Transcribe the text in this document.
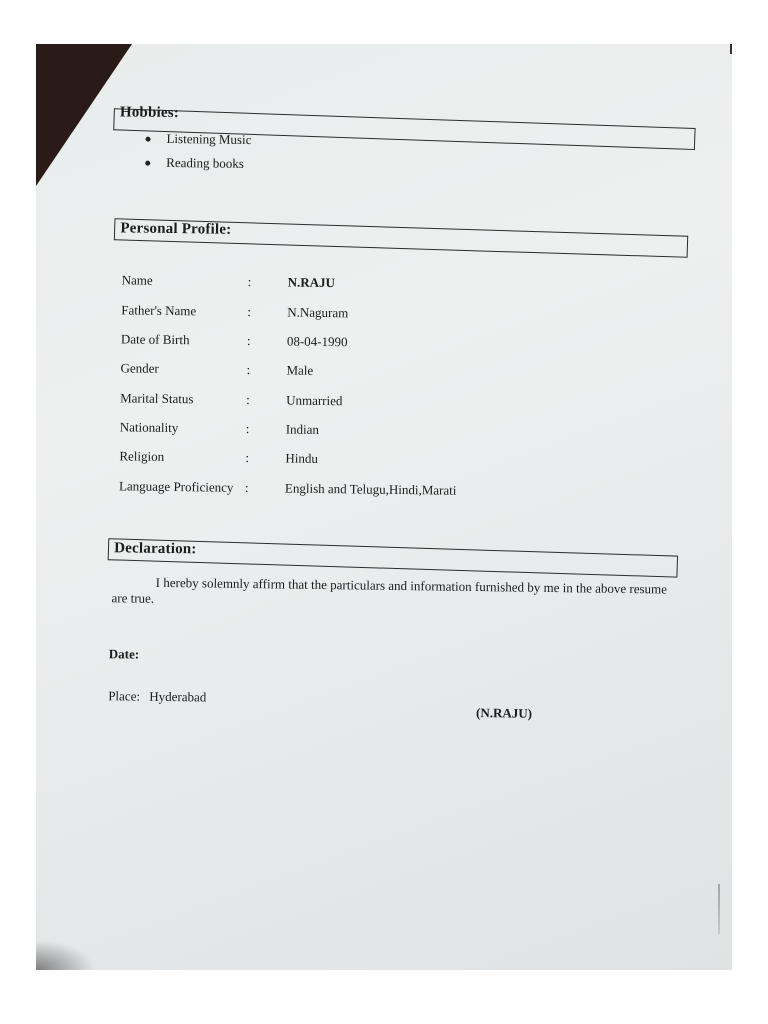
Hobbies:
Listening Music
Reading books
Personal Profile:
Name	:	N.RAJU
Father's Name	:	N.Naguram
Date of Birth	:	08-04-1990
Gender	:	Male
Marital Status	:	Unmarried
Nationality	:	Indian
Religion	:	Hindu
Language Proficiency :	English and Telugu,Hindi,Marati
Declaration:
I hereby solemnly affirm that the particulars and information furnished by me in the above resume are true.
Date:
Place: Hyderabad
(N.RAJU)
